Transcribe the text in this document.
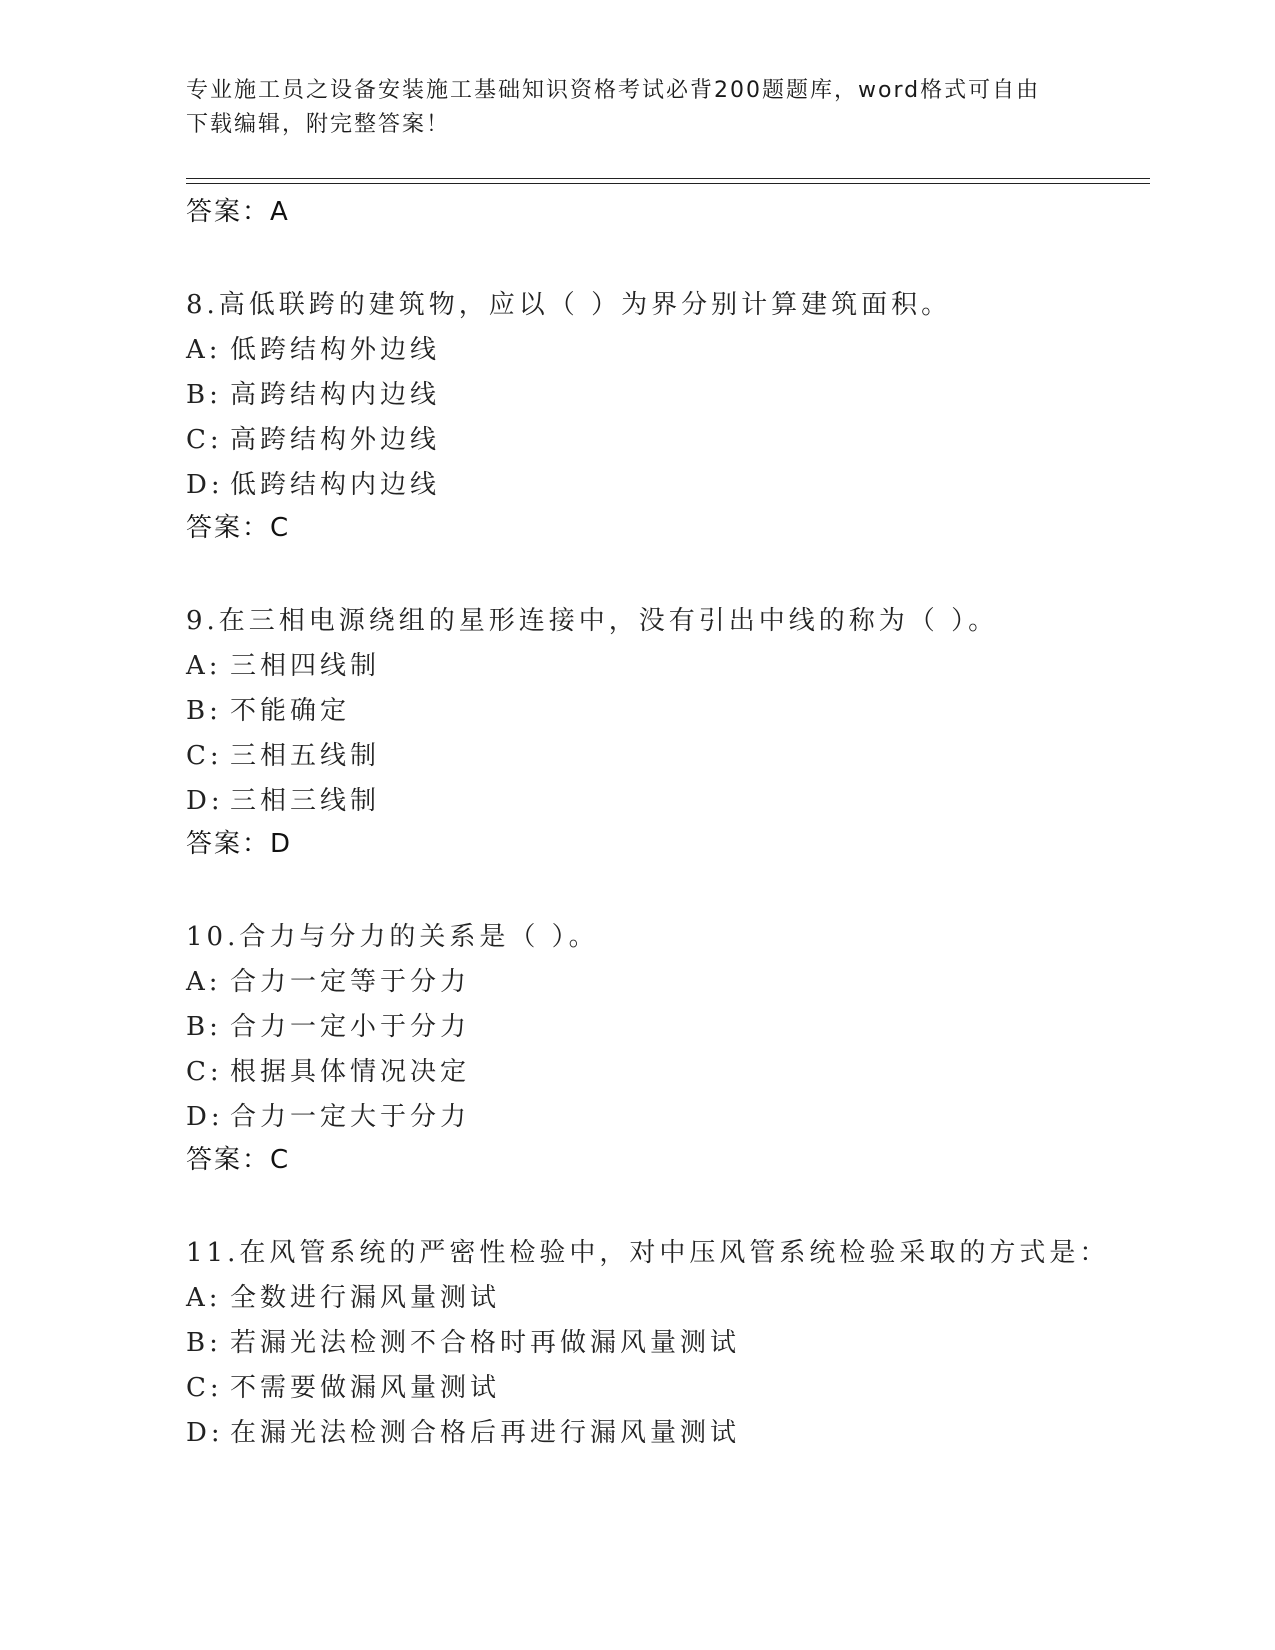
专业施工员之设备安装施工基础知识资格考试必背200题题库，word格式可自由
下载编辑，附完整答案！
答案：A
8.高低联跨的建筑物，应以（ ）为界分别计算建筑面积。
A: 低跨结构外边线
B: 高跨结构内边线
C: 高跨结构外边线
D: 低跨结构内边线
答案：C
9.在三相电源绕组的星形连接中，没有引出中线的称为（ ）。
A: 三相四线制
B: 不能确定
C: 三相五线制
D: 三相三线制
答案：D
10.合力与分力的关系是（ ）。
A: 合力一定等于分力
B: 合力一定小于分力
C: 根据具体情况决定
D: 合力一定大于分力
答案：C
11.在风管系统的严密性检验中，对中压风管系统检验采取的方式是：
A: 全数进行漏风量测试
B: 若漏光法检测不合格时再做漏风量测试
C: 不需要做漏风量测试
D: 在漏光法检测合格后再进行漏风量测试
